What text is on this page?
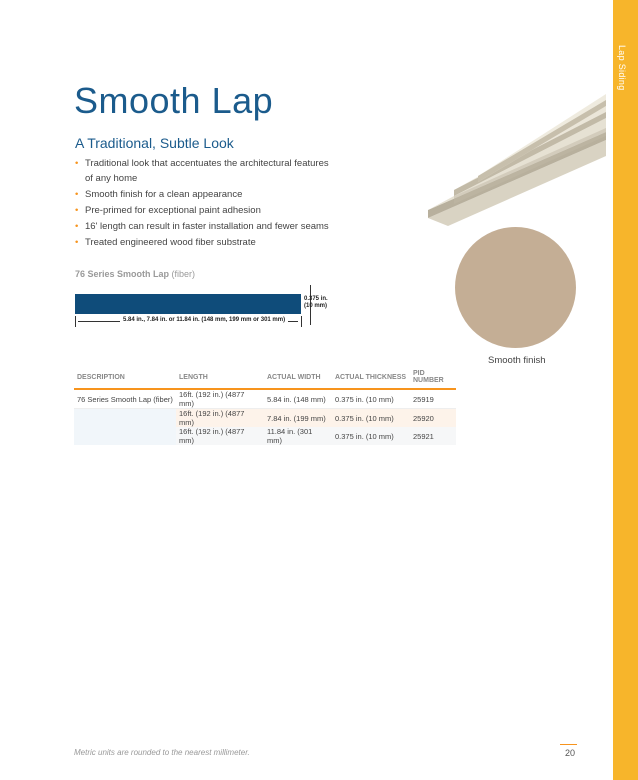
Lap Siding
Smooth Lap
A Traditional, Subtle Look
• Traditional look that accentuates the architectural features of any home
• Smooth finish for a clean appearance
• Pre-primed for exceptional paint adhesion
• 16' length can result in faster installation and fewer seams
• Treated engineered wood fiber substrate
76 Series Smooth Lap (fiber)
0.375 in.
(10 mm)
5.84 in., 7.84 in. or 11.84 in. (148 mm, 199 mm or 301 mm)
Smooth finish
DESCRIPTION	LENGTH	ACTUAL WIDTH	ACTUAL THICKNESS	PID NUMBER
76 Series Smooth Lap (fiber)	16ft. (192 in.) (4877 mm)	5.84 in. (148 mm)	0.375 in. (10 mm)	25919
	16ft. (192 in.) (4877 mm)	7.84 in. (199 mm)	0.375 in. (10 mm)	25920
	16ft. (192 in.) (4877 mm)	11.84 in. (301 mm)	0.375 in. (10 mm)	25921
Metric units are rounded to the nearest millimeter.	20
